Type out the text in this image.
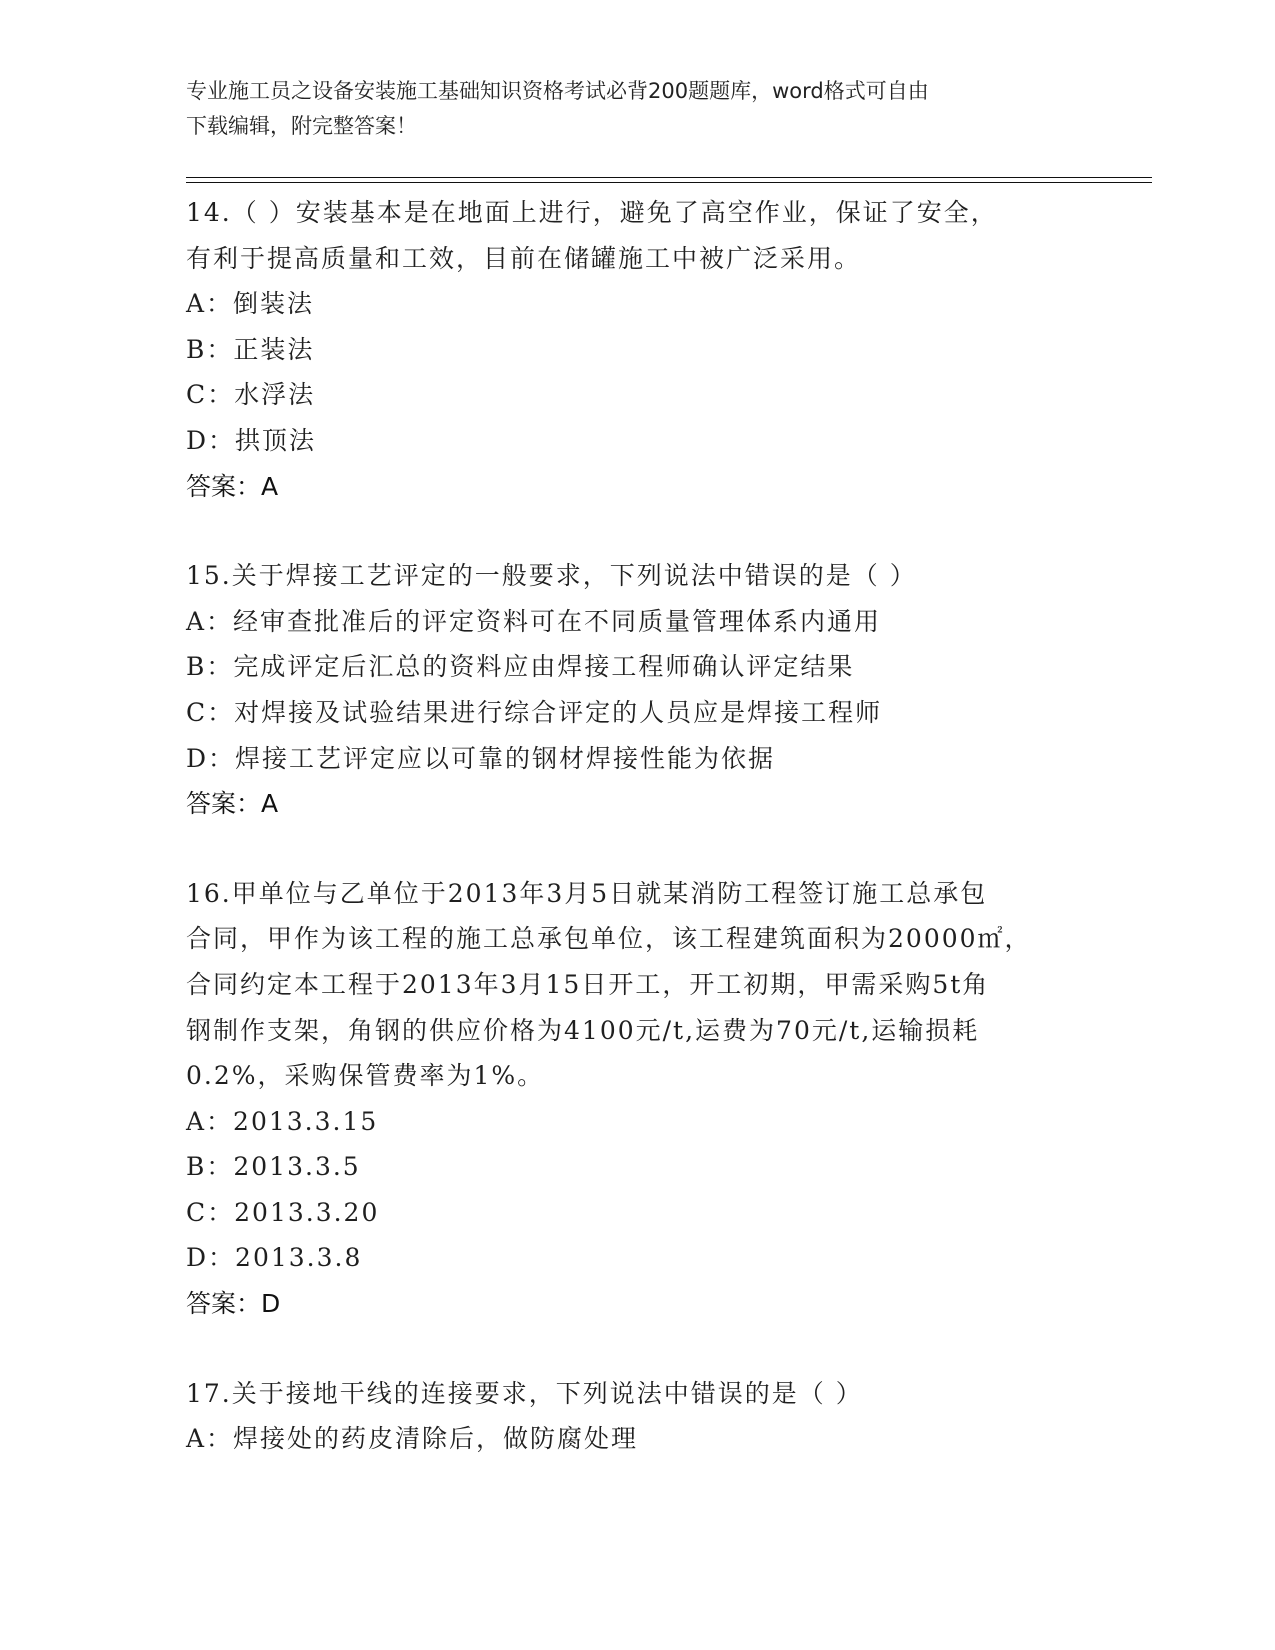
专业施工员之设备安装施工基础知识资格考试必背200题题库，word格式可自由
下载编辑，附完整答案！
14.（ ）安装基本是在地面上进行，避免了高空作业，保证了安全，
有利于提高质量和工效，目前在储罐施工中被广泛采用。
A：倒装法
B：正装法
C：水浮法
D：拱顶法
答案：A
15.关于焊接工艺评定的一般要求，下列说法中错误的是（ ）
A：经审查批准后的评定资料可在不同质量管理体系内通用
B：完成评定后汇总的资料应由焊接工程师确认评定结果
C：对焊接及试验结果进行综合评定的人员应是焊接工程师
D：焊接工艺评定应以可靠的钢材焊接性能为依据
答案：A
16.甲单位与乙单位于2013年3月5日就某消防工程签订施工总承包
合同，甲作为该工程的施工总承包单位，该工程建筑面积为20000㎡，
合同约定本工程于2013年3月15日开工，开工初期，甲需采购5t角
钢制作支架，角钢的供应价格为4100元/t,运费为70元/t,运输损耗
0.2%，采购保管费率为1%。
A：2013.3.15
B：2013.3.5
C：2013.3.20
D：2013.3.8
答案：D
17.关于接地干线的连接要求，下列说法中错误的是（ ）
A：焊接处的药皮清除后，做防腐处理
